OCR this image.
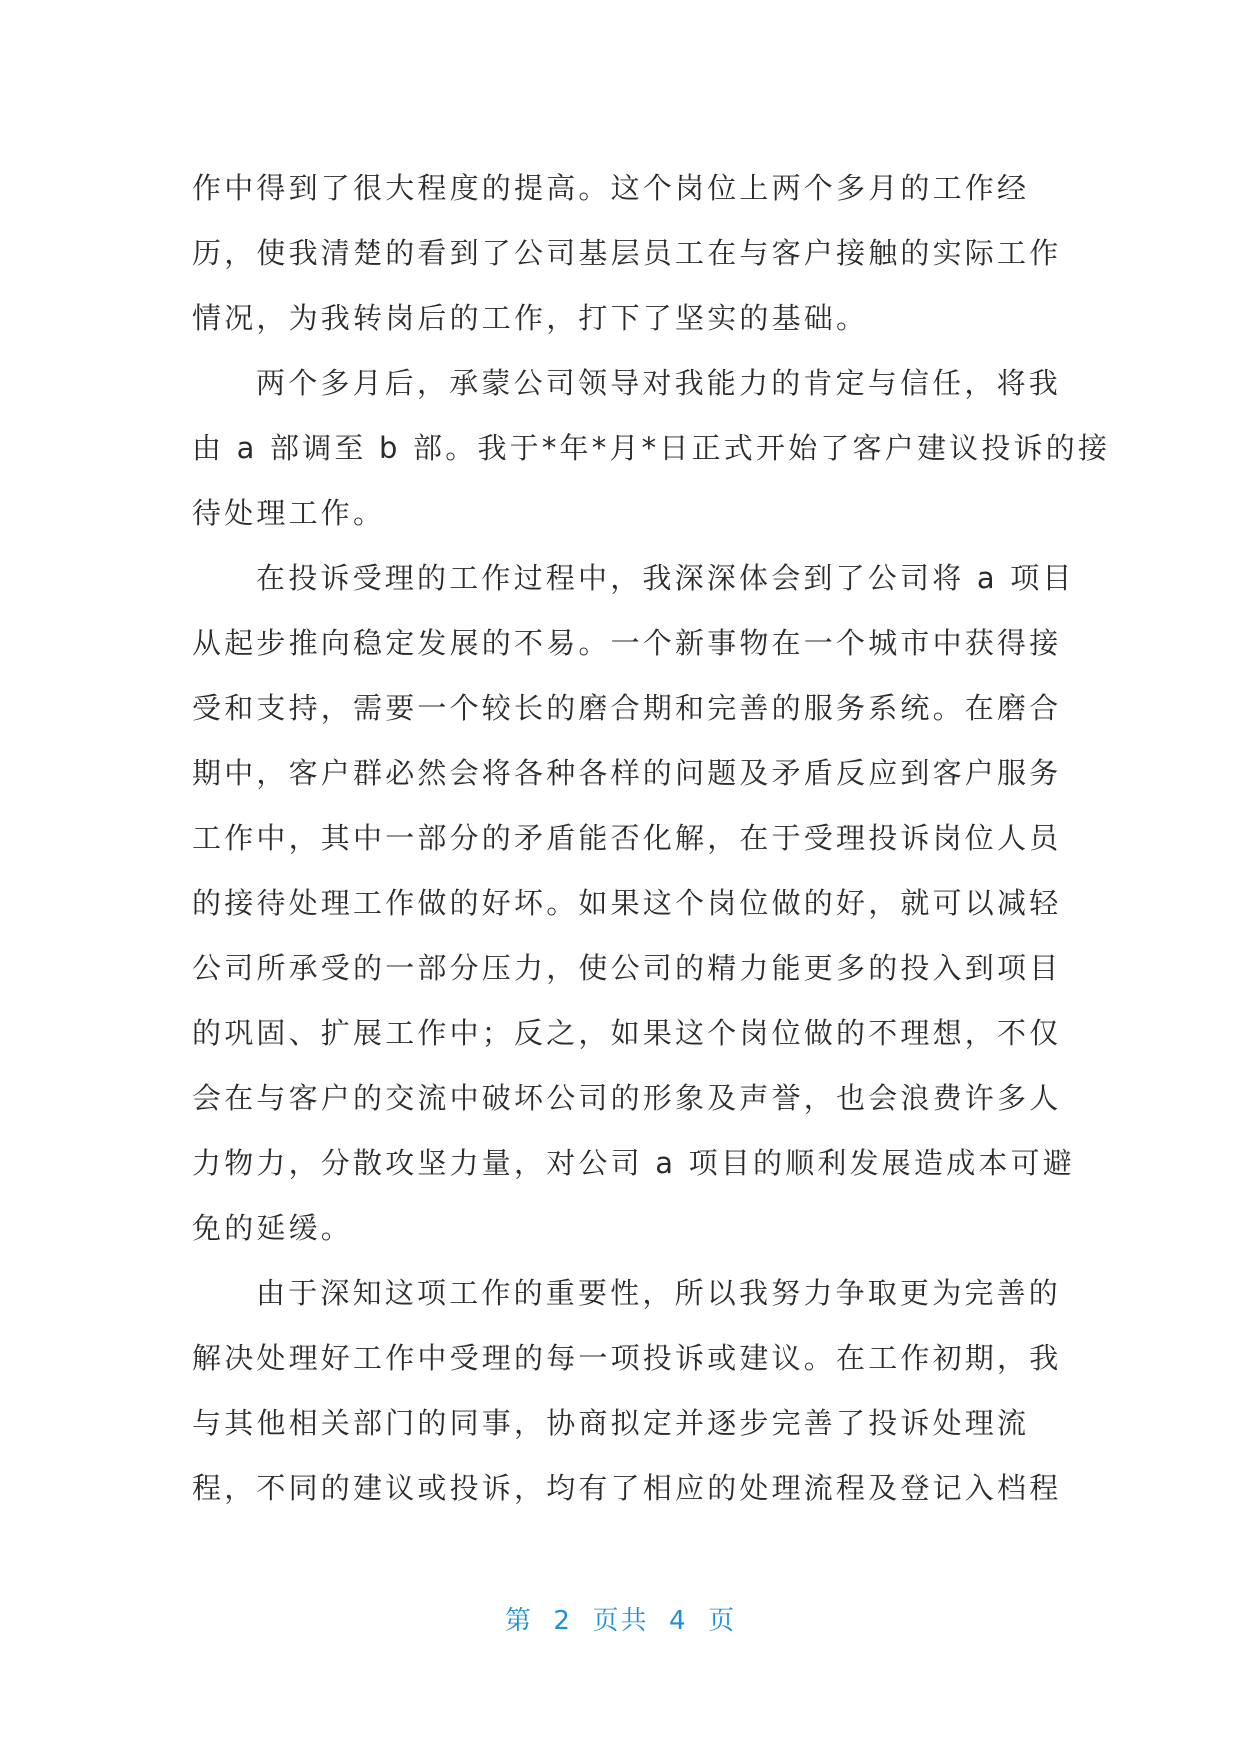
作中得到了很大程度的提高。这个岗位上两个多月的工作经
历，使我清楚的看到了公司基层员工在与客户接触的实际工作
情况，为我转岗后的工作，打下了坚实的基础。
两个多月后，承蒙公司领导对我能力的肯定与信任，将我
由 a 部调至 b 部。我于*年*月*日正式开始了客户建议投诉的接
待处理工作。
在投诉受理的工作过程中，我深深体会到了公司将 a 项目
从起步推向稳定发展的不易。一个新事物在一个城市中获得接
受和支持，需要一个较长的磨合期和完善的服务系统。在磨合
期中，客户群必然会将各种各样的问题及矛盾反应到客户服务
工作中，其中一部分的矛盾能否化解，在于受理投诉岗位人员
的接待处理工作做的好坏。如果这个岗位做的好，就可以减轻
公司所承受的一部分压力，使公司的精力能更多的投入到项目
的巩固、扩展工作中；反之，如果这个岗位做的不理想，不仅
会在与客户的交流中破坏公司的形象及声誉，也会浪费许多人
力物力，分散攻坚力量，对公司 a 项目的顺利发展造成本可避
免的延缓。
由于深知这项工作的重要性，所以我努力争取更为完善的
解决处理好工作中受理的每一项投诉或建议。在工作初期，我
与其他相关部门的同事，协商拟定并逐步完善了投诉处理流
程，不同的建议或投诉，均有了相应的处理流程及登记入档程
第  2  页共  4  页
